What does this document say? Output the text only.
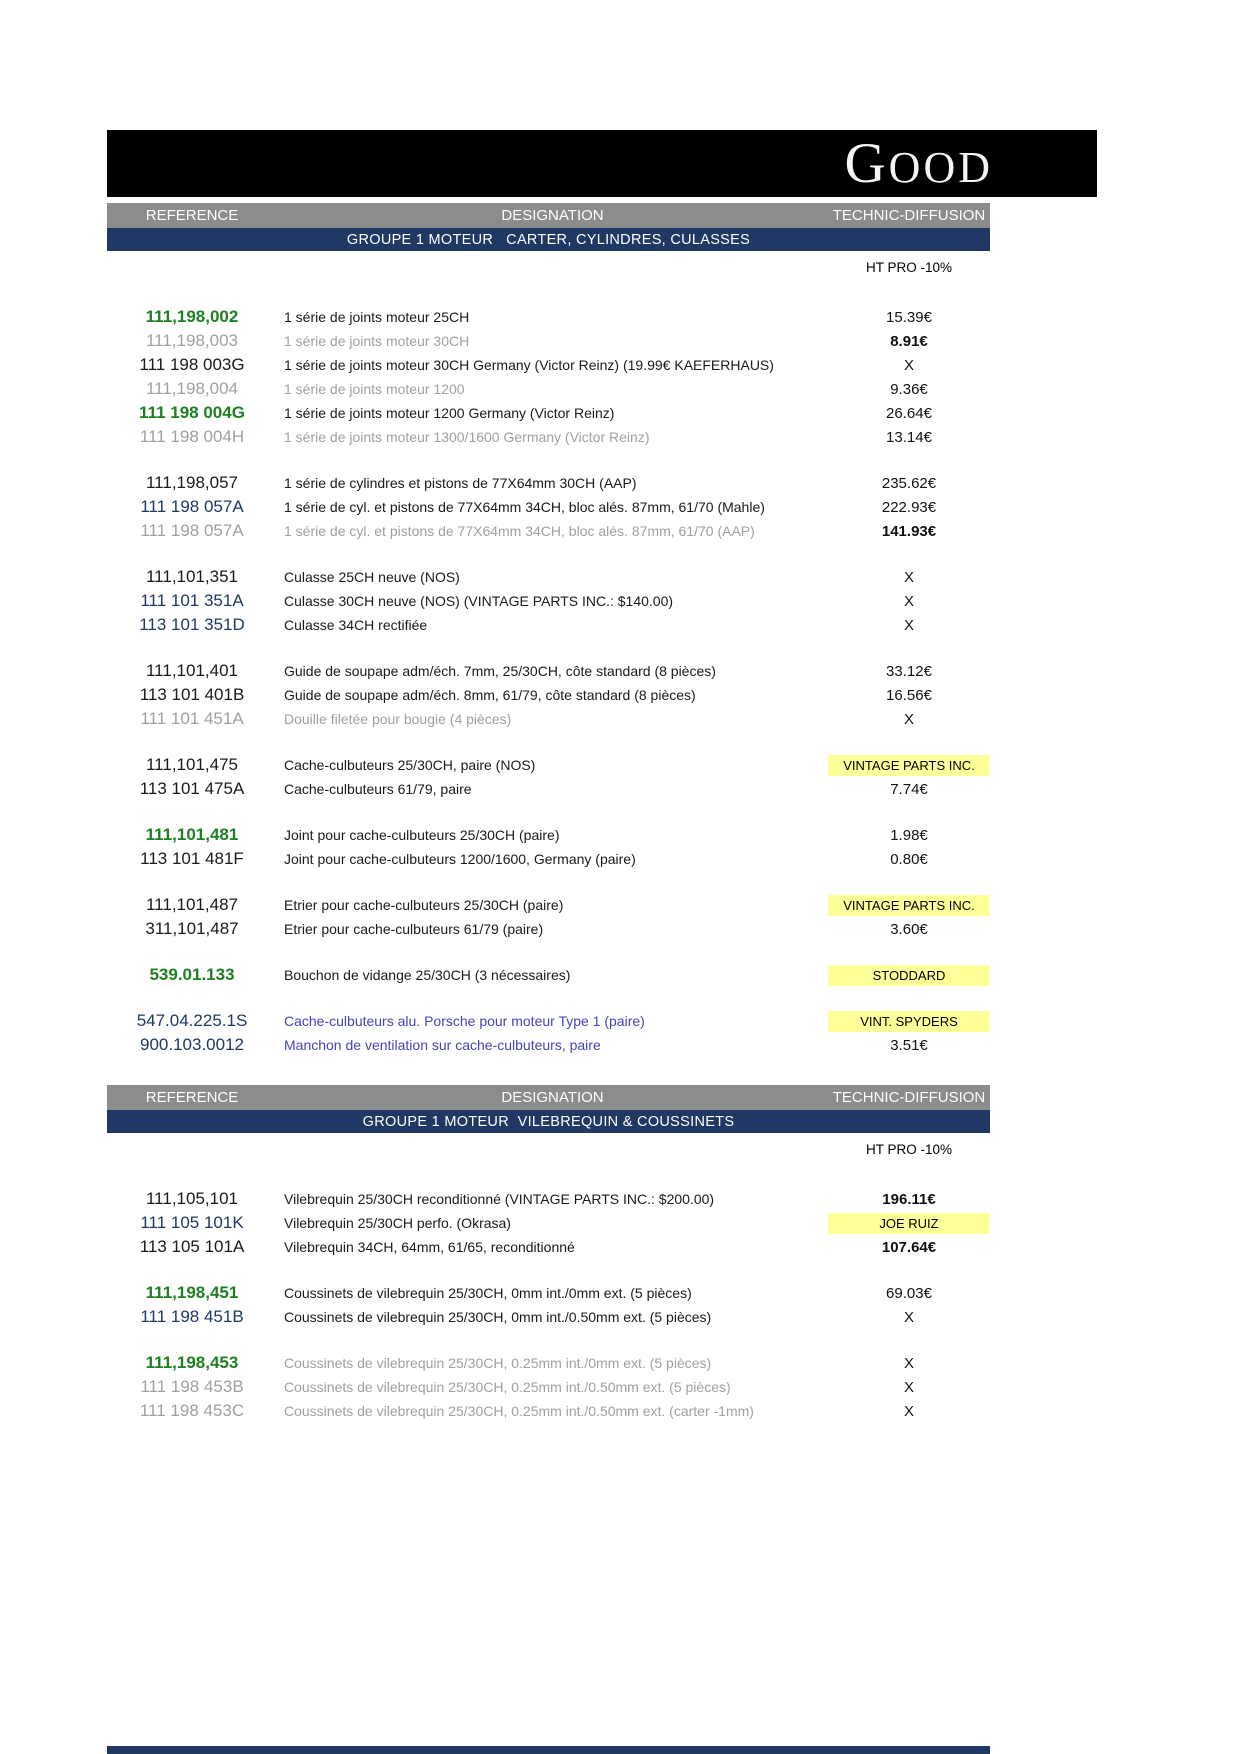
G OOD
REFERENCE	DESIGNATION	TECHNIC-DIFFUSION
GROUPE 1 MOTEUR   CARTER, CYLINDRES, CULASSES
HT PRO -10%
111,198,002	1 série de joints moteur 25CH	15.39€
111,198,003	1 série de joints moteur 30CH	8.91€
111 198 003G	1 série de joints moteur 30CH Germany (Victor Reinz) (19.99€ KAEFERHAUS)	X
111,198,004	1 série de joints moteur 1200	9.36€
111 198 004G	1 série de joints moteur 1200 Germany (Victor Reinz)	26.64€
111 198 004H	1 série de joints moteur 1300/1600 Germany (Victor Reinz)	13.14€
111,198,057	1 série de cylindres et pistons de 77X64mm 30CH (AAP)	235.62€
111 198 057A	1 série de cyl. et pistons de 77X64mm 34CH, bloc alés. 87mm, 61/70 (Mahle)	222.93€
111 198 057A	1 série de cyl. et pistons de 77X64mm 34CH, bloc alés. 87mm, 61/70 (AAP)	141.93€
111,101,351	Culasse 25CH neuve (NOS)	X
111 101 351A	Culasse 30CH neuve (NOS) (VINTAGE PARTS INC.: $140.00)	X
113 101 351D	Culasse 34CH rectifiée	X
111,101,401	Guide de soupape adm/éch. 7mm, 25/30CH, côte standard (8 pièces)	33.12€
113 101 401B	Guide de soupape adm/éch. 8mm, 61/79, côte standard (8 pièces)	16.56€
111 101 451A	Douille filetée pour bougie (4 pièces)	X
111,101,475	Cache-culbuteurs 25/30CH, paire (NOS)	VINTAGE PARTS INC.
113 101 475A	Cache-culbuteurs 61/79, paire	7.74€
111,101,481	Joint pour cache-culbuteurs 25/30CH (paire)	1.98€
113 101 481F	Joint pour cache-culbuteurs 1200/1600, Germany (paire)	0.80€
111,101,487	Etrier pour cache-culbuteurs 25/30CH (paire)	VINTAGE PARTS INC.
311,101,487	Etrier pour cache-culbuteurs 61/79 (paire)	3.60€
539.01.133	Bouchon de vidange 25/30CH (3 nécessaires)	STODDARD
547.04.225.1S	Cache-culbuteurs alu. Porsche pour moteur Type 1 (paire)	VINT. SPYDERS
900.103.0012	Manchon de ventilation sur cache-culbuteurs, paire	3.51€
REFERENCE	DESIGNATION	TECHNIC-DIFFUSION
GROUPE 1 MOTEUR  VILEBREQUIN & COUSSINETS
HT PRO -10%
111,105,101	Vilebrequin 25/30CH reconditionné (VINTAGE PARTS INC.: $200.00)	196.11€
111 105 101K	Vilebrequin 25/30CH perfo. (Okrasa)	JOE RUIZ
113 105 101A	Vilebrequin 34CH, 64mm, 61/65, reconditionné	107.64€
111,198,451	Coussinets de vilebrequin 25/30CH, 0mm int./0mm ext. (5 pièces)	69.03€
111 198 451B	Coussinets de vilebrequin 25/30CH, 0mm int./0.50mm ext. (5 pièces)	X
111,198,453	Coussinets de vilebrequin 25/30CH, 0.25mm int./0mm ext. (5 pièces)	X
111 198 453B	Coussinets de vilebrequin 25/30CH, 0.25mm int./0.50mm ext. (5 pièces)	X
111 198 453C	Coussinets de vilebrequin 25/30CH, 0.25mm int./0.50mm ext. (carter -1mm)	X
